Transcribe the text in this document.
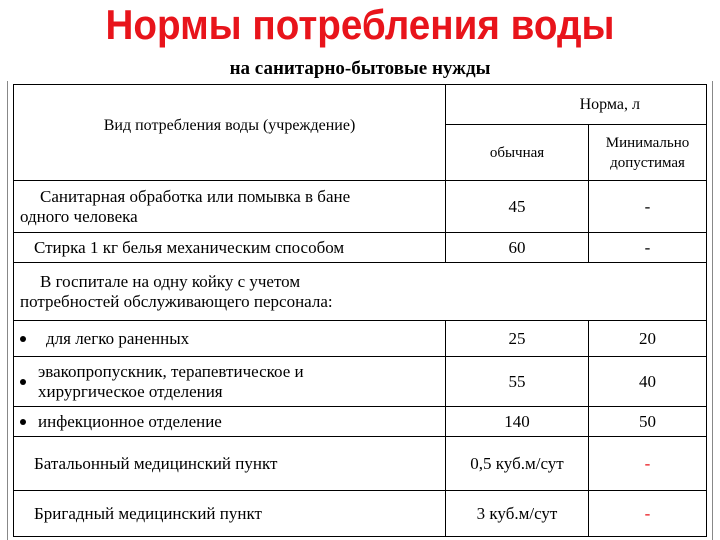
Нормы потребления воды
на санитарно-бытовые нужды
Вид потребления воды (учреждение)	Норма, л	
	обычная	Минимально
допустимая

Санитарная обработка или помывка в бане
одного человека	45	-
Стирка 1 кг белья механическим способом	60	-

В госпитале на одну койку с учетом
потребностей обслуживающего персонала:		

для легко раненных	25	20

эвакопропускник, терапевтическое и
хирургическое отделения	55	40

инфекционное отделение	140	50
Батальонный медицинский пункт	0,5 куб.м/сут	-
Бригадный медицинский пункт	3 куб.м/сут	-
